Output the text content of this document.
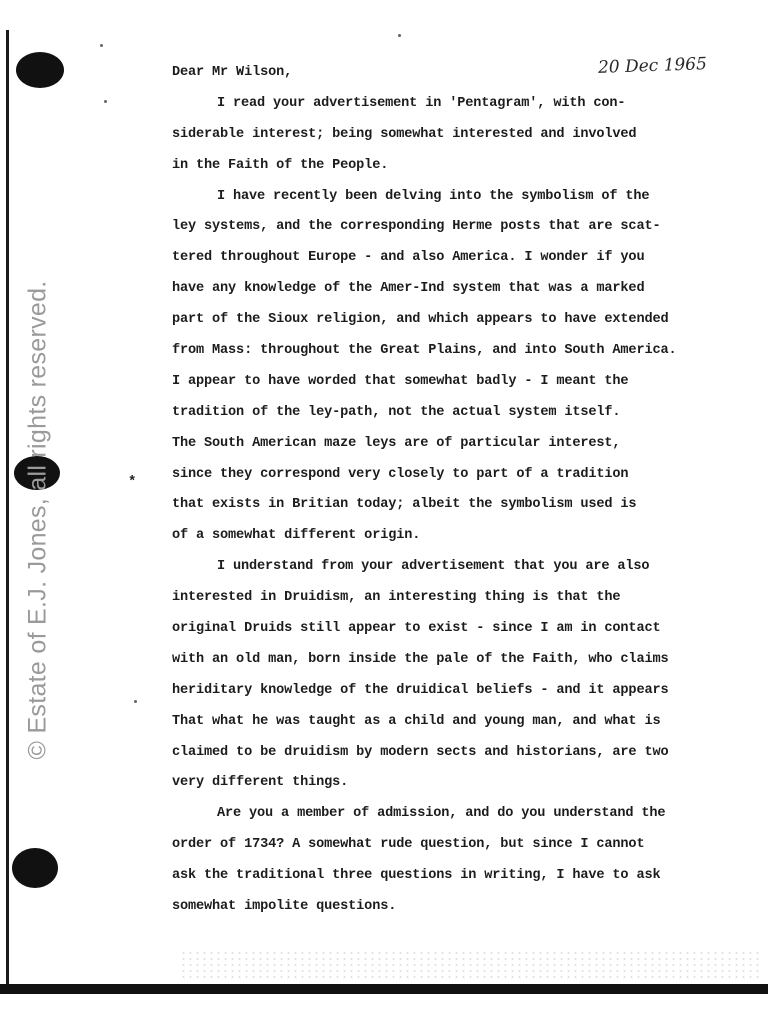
© Estate of E.J. Jones, all rights reserved.
20 Dec 1965
*
Dear Mr Wilson,
I read your advertisement in 'Pentagram', with con-
siderable interest; being somewhat interested and involved
in the Faith of the People.
I have recently been delving into the symbolism of the
ley systems, and the corresponding Herme posts that are scat-
tered throughout Europe - and also America. I wonder if you
have any knowledge of the Amer-Ind system that was a marked
part of the Sioux religion, and which appears to have extended
from Mass: throughout the Great Plains, and into South America.
I appear to have worded that somewhat badly - I meant the
tradition of the ley-path, not the actual system itself.
The South American maze leys are of particular interest,
since they correspond very closely to part of a tradition
that exists in Britian today; albeit the symbolism used is
of a somewhat different origin.
I understand from your advertisement that you are also
interested in Druidism, an interesting thing is that the
original Druids still appear to exist - since I am in contact
with an old man, born inside the pale of the Faith, who claims
heriditary knowledge of the druidical beliefs - and it appears
That what he was taught as a child and young man, and what is
claimed to be druidism by modern sects and historians, are two
very different things.
Are you a member of admission, and do you understand the
order of 1734? A somewhat rude question, but since I cannot
ask the traditional three questions in writing, I have to ask
somewhat impolite questions.
